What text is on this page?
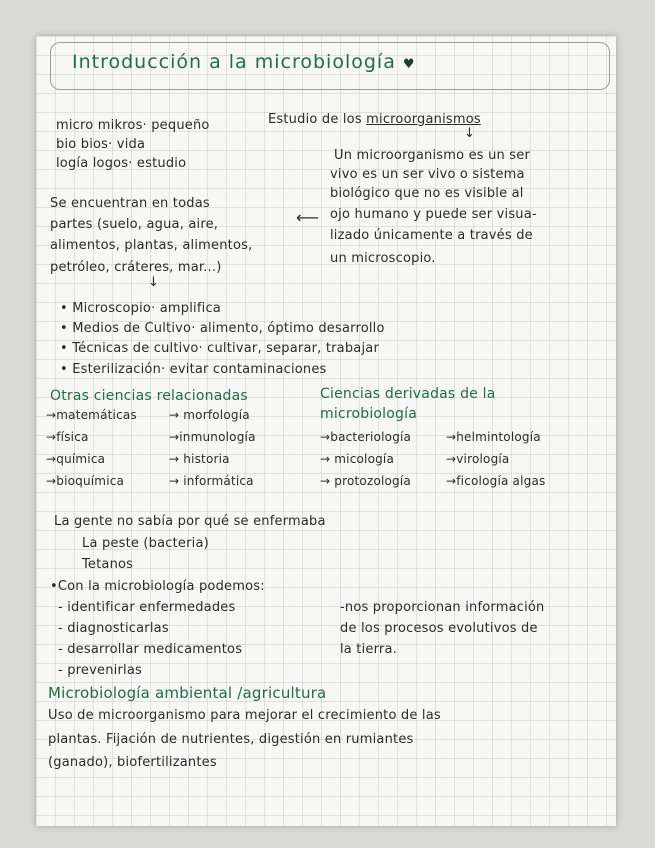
Introducción a la microbiología ♥
micro mikros· pequeño
bio bios· vida
logía logos· estudio
Estudio de los microorganismos
↓
Un microorganismo es un ser
vivo es un ser vivo o sistema
biológico que no es visible al
ojo humano y puede ser visua-
lizado únicamente a través de
un microscopio.
Se encuentran en todas
partes (suelo, agua, aire,
alimentos, plantas, alimentos,
petróleo, cráteres, mar...)
⟵
↓
• Microscopio· amplifica
• Medios de Cultivo· alimento, óptimo desarrollo
• Técnicas de cultivo· cultivar, separar, trabajar
• Esterilización· evitar contaminaciones
Otras ciencias relacionadas
→matemáticas
→física
→química
→bioquímica
→ morfología
→inmunología
→ historia
→ informática
Ciencias derivadas de la
microbiología
→bacteriología
→ micología
→ protozología
→helmintología
→virología
→ficología algas
La gente no sabía por qué se enfermaba
La peste (bacteria)
Tetanos
•Con la microbiología podemos:
- identificar enfermedades
- diagnosticarlas
- desarrollar medicamentos
- prevenirlas
-nos proporcionan información
de los procesos evolutivos de
la tierra.
Microbiología ambiental /agricultura
Uso de microorganismo para mejorar el crecimiento de las
plantas. Fijación de nutrientes, digestión en rumiantes
(ganado), biofertilizantes
